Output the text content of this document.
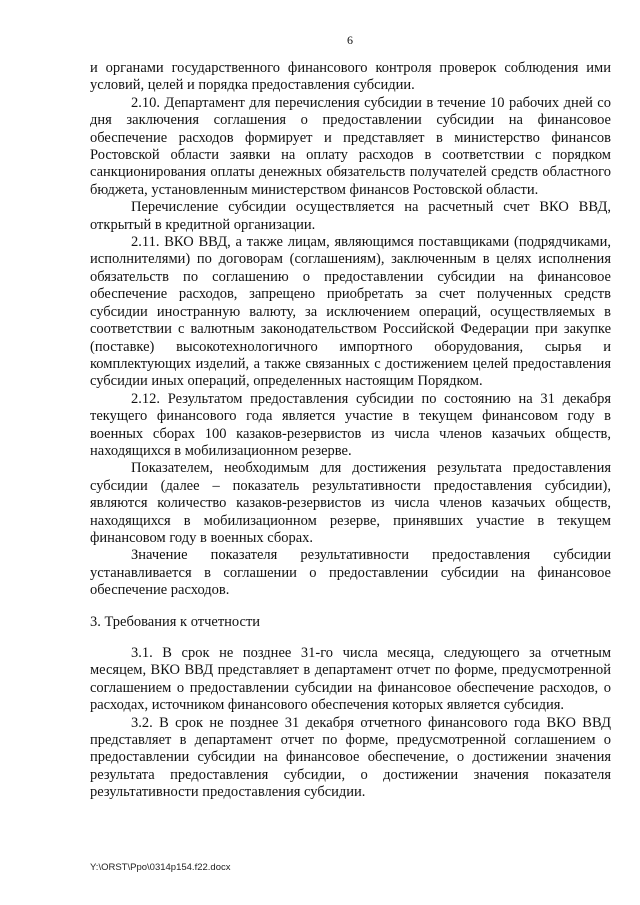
6

и органами государственного финансового контроля проверок соблюдения ими условий, целей и порядка предоставления субсидии.

2.10. Департамент для перечисления субсидии в течение 10 рабочих дней со дня заключения соглашения о предоставлении субсидии на финансовое обеспечение расходов формирует и представляет в министерство финансов Ростовской области заявки на оплату расходов в соответствии с порядком санкционирования оплаты денежных обязательств получателей средств областного бюджета, установленным министерством финансов Ростовской области.

Перечисление субсидии осуществляется на расчетный счет ВКО ВВД, открытый в кредитной организации.

2.11. ВКО ВВД, а также лицам, являющимся поставщиками (подрядчиками, исполнителями) по договорам (соглашениям), заключенным в целях исполнения обязательств по соглашению о предоставлении субсидии на финансовое обеспечение расходов, запрещено приобретать за счет полученных средств субсидии иностранную валюту, за исключением операций, осуществляемых в соответствии с валютным законодательством Российской Федерации при закупке (поставке) высокотехнологичного импортного оборудования, сырья и комплектующих изделий, а также связанных с достижением целей предоставления субсидии иных операций, определенных настоящим Порядком.

2.12. Результатом предоставления субсидии по состоянию на 31 декабря текущего финансового года является участие в текущем финансовом году в военных сборах 100 казаков-резервистов из числа членов казачьих обществ, находящихся в мобилизационном резерве.

Показателем, необходимым для достижения результата предоставления субсидии (далее – показатель результативности предоставления субсидии), являются количество казаков-резервистов из числа членов казачьих обществ, находящихся в мобилизационном резерве, принявших участие в текущем финансовом году в военных сборах.

Значение показателя результативности предоставления субсидии устанавливается в соглашении о предоставлении субсидии на финансовое обеспечение расходов.

3. Требования к отчетности

3.1. В срок не позднее 31-го числа месяца, следующего за отчетным месяцем, ВКО ВВД представляет в департамент отчет по форме, предусмотренной соглашением о предоставлении субсидии на финансовое обеспечение расходов, о расходах, источником финансового обеспечения которых является субсидия.

3.2. В срок не позднее 31 декабря отчетного финансового года ВКО ВВД представляет в департамент отчет по форме, предусмотренной соглашением о предоставлении субсидии на финансовое обеспечение, о достижении значения результата предоставления субсидии, о достижении значения показателя результативности предоставления субсидии.

Y:\ORST\Ppo\0314p154.f22.docx
